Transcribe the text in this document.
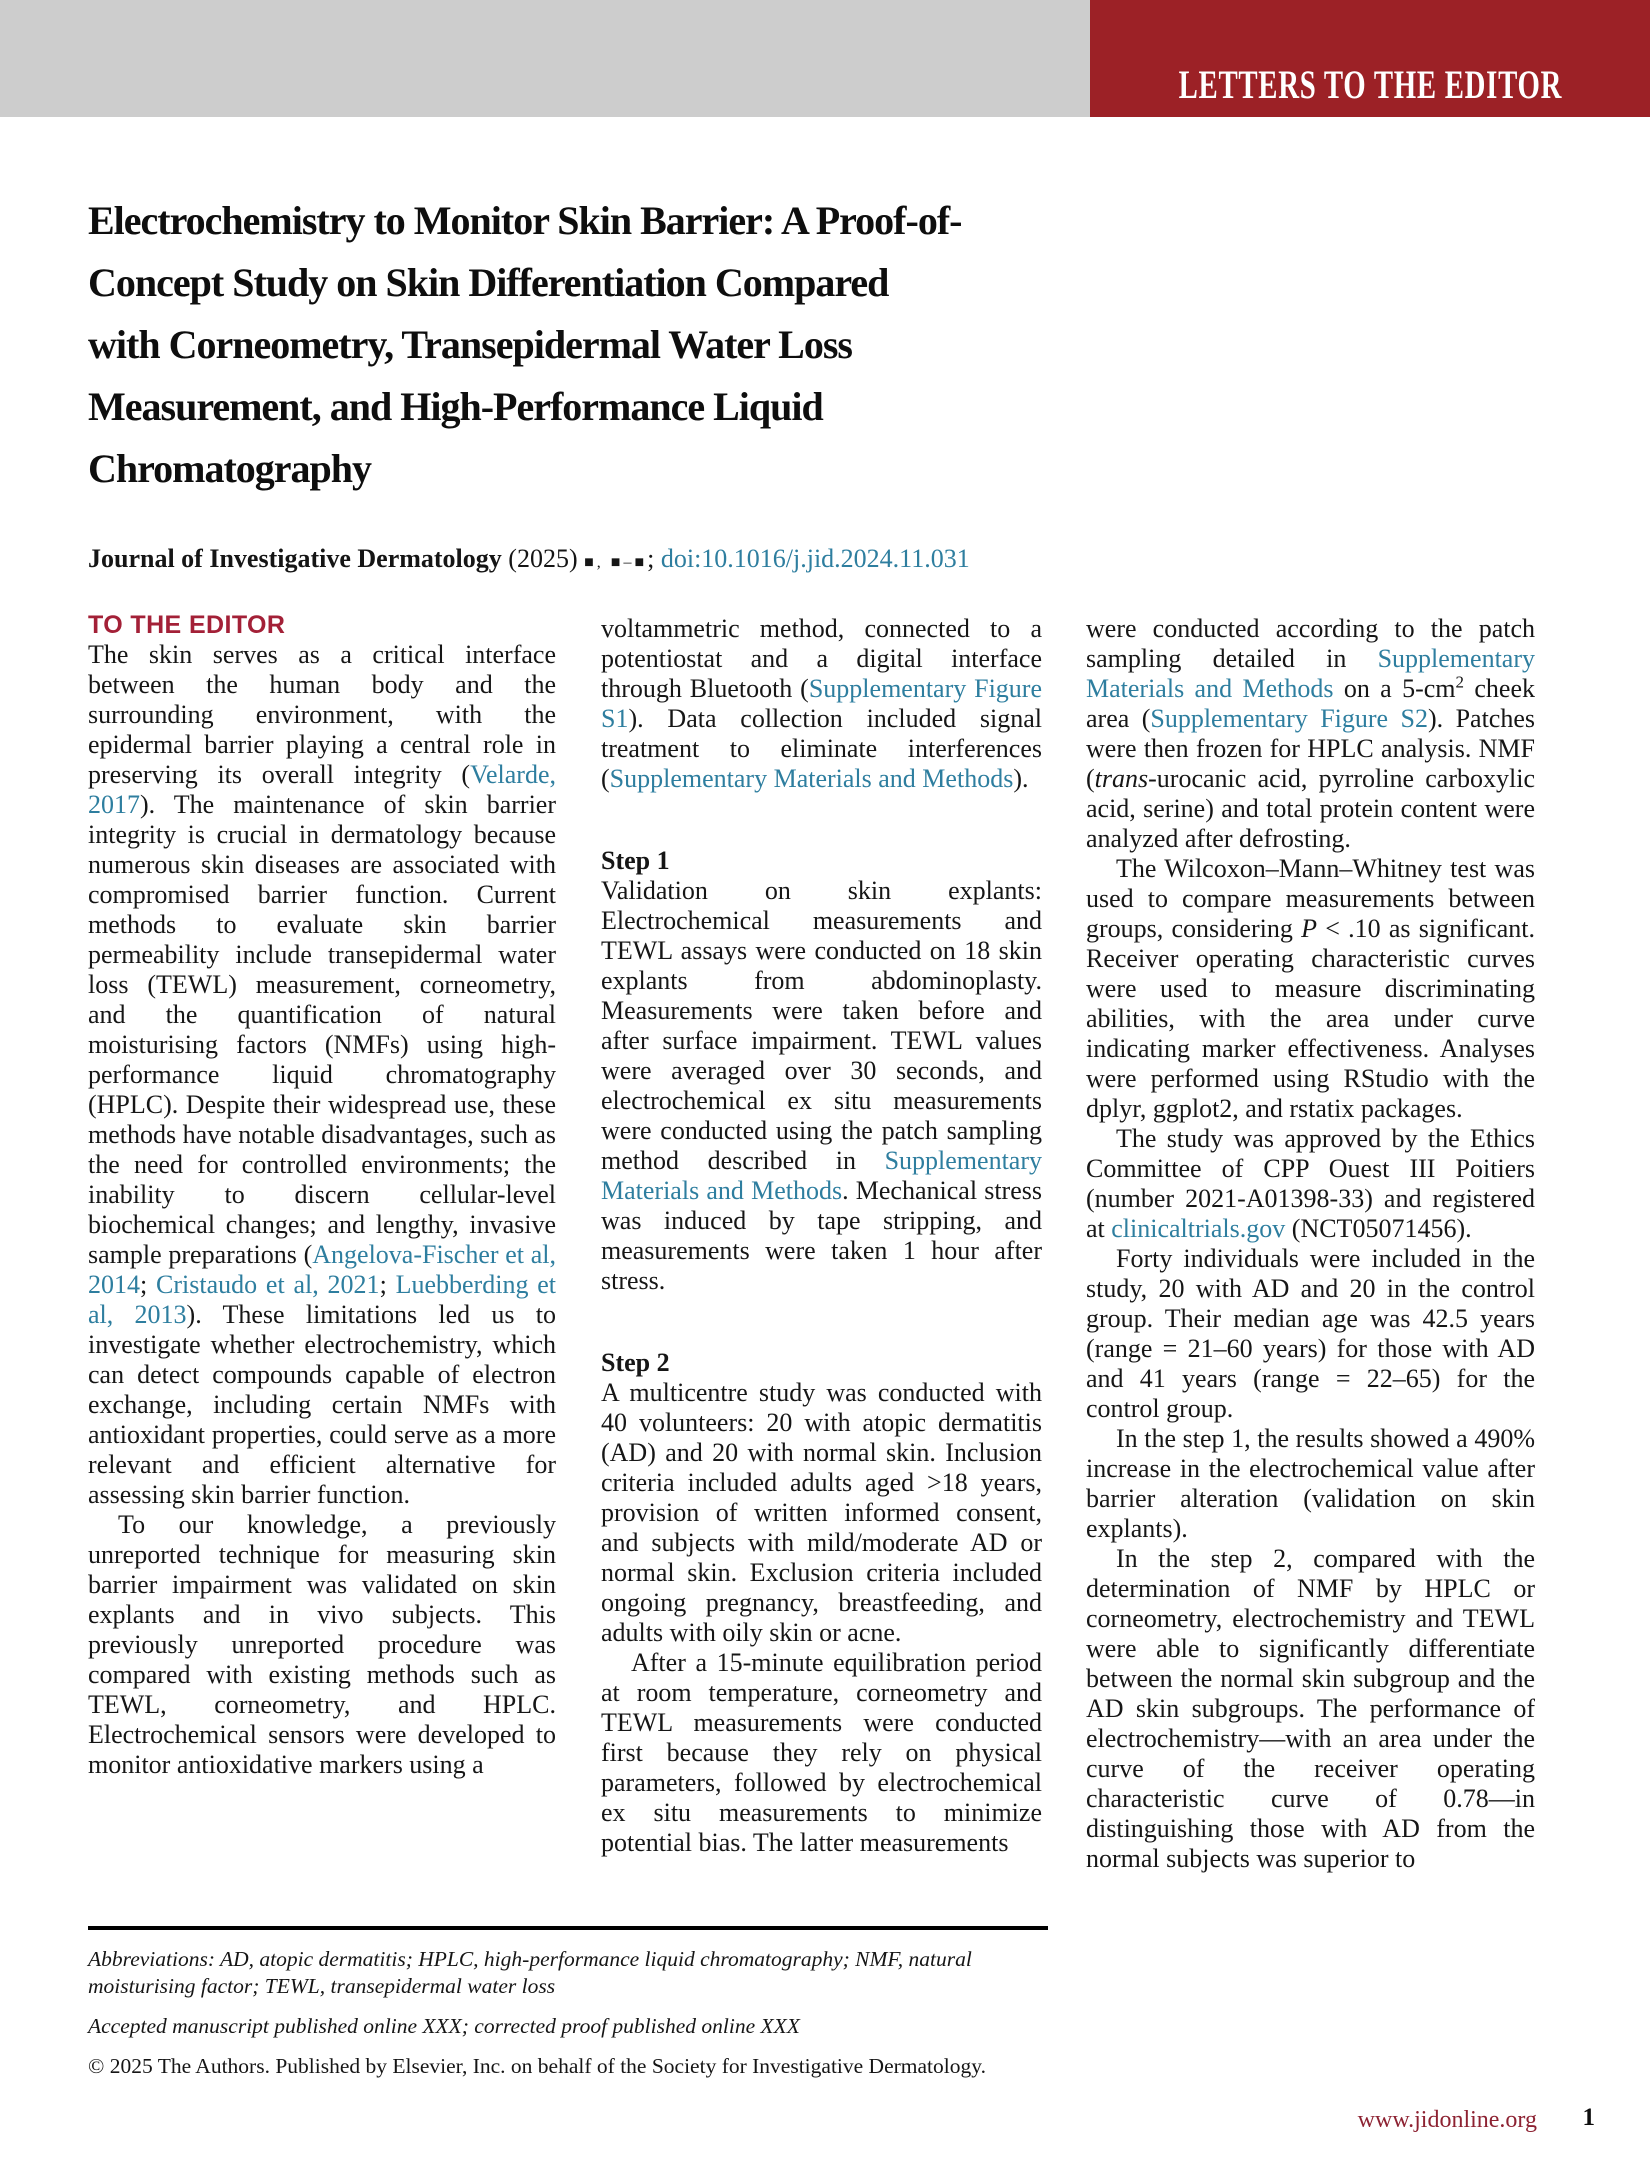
LETTERS TO THE EDITOR
Electrochemistry to Monitor Skin Barrier: A Proof-of-
Concept Study on Skin Differentiation Compared
with Corneometry, Transepidermal Water Loss
Measurement, and High-Performance Liquid
Chromatography
Journal of Investigative Dermatology (2025) ■, ■–■; doi:10.1016/j.jid.2024.11.031
TO THE EDITOR

The skin serves as a critical interface between the human body and the surrounding environment, with the epidermal barrier playing a central role in preserving its overall integrity (Velarde, 2017). The maintenance of skin barrier integrity is crucial in dermatology because numerous skin diseases are associated with compromised barrier function. Current methods to evaluate skin barrier permeability include transepidermal water loss (TEWL) measurement, corneometry, and the quantification of natural moisturising factors (NMFs) using high-performance liquid chromatography (HPLC). Despite their widespread use, these methods have notable disadvantages, such as the need for controlled environments; the inability to discern cellular-level biochemical changes; and lengthy, invasive sample preparations (Angelova-Fischer et al, 2014; Cristaudo et al, 2021; Luebberding et al, 2013). These limitations led us to investigate whether electrochemistry, which can detect compounds capable of electron exchange, including certain NMFs with antioxidant properties, could serve as a more relevant and efficient alternative for assessing skin barrier function.

To our knowledge, a previously unreported technique for measuring skin barrier impairment was validated on skin explants and in vivo subjects. This previously unreported procedure was compared with existing methods such as TEWL, corneometry, and HPLC. Electrochemical sensors were developed to monitor antioxidative markers using a

voltammetric method, connected to a potentiostat and a digital interface through Bluetooth (Supplementary Figure S1). Data collection included signal treatment to eliminate interferences (Supplementary Materials and Methods).

Step 1

Validation on skin explants: Electrochemical measurements and TEWL assays were conducted on 18 skin explants from abdominoplasty. Measurements were taken before and after surface impairment. TEWL values were averaged over 30 seconds, and electrochemical ex situ measurements were conducted using the patch sampling method described in Supplementary Materials and Methods. Mechanical stress was induced by tape stripping, and measurements were taken 1 hour after stress.

Step 2

A multicentre study was conducted with 40 volunteers: 20 with atopic dermatitis (AD) and 20 with normal skin. Inclusion criteria included adults aged >18 years, provision of written informed consent, and subjects with mild/moderate AD or normal skin. Exclusion criteria included ongoing pregnancy, breastfeeding, and adults with oily skin or acne.

After a 15-minute equilibration period at room temperature, corneometry and TEWL measurements were conducted first because they rely on physical parameters, followed by electrochemical ex situ measurements to minimize potential bias. The latter measurements

were conducted according to the patch sampling detailed in Supplementary Materials and Methods on a $5-cm^2$ cheek area (Supplementary Figure S2). Patches were then frozen for HPLC analysis. NMF (trans-urocanic acid, pyrroline carboxylic acid, serine) and total protein content were analyzed after defrosting.

The Wilcoxon–Mann–Whitney test was used to compare measurements between groups, considering P < .10 as significant. Receiver operating characteristic curves were used to measure discriminating abilities, with the area under curve indicating marker effectiveness. Analyses were performed using RStudio with the dplyr, ggplot2, and rstatix packages.

The study was approved by the Ethics Committee of CPP Ouest III Poitiers (number 2021-A01398-33) and registered at clinicaltrials.gov (NCT050​71456).

Forty individuals were included in the study, 20 with AD and 20 in the control group. Their median age was 42.5 years (range = 21–60 years) for those with AD and 41 years (range = 22–65) for the control group.

In the step 1, the results showed a 490% increase in the electrochemical value after barrier alteration (validation on skin explants).

In the step 2, compared with the determination of NMF by HPLC or corneometry, electrochemistry and TEWL were able to significantly differentiate between the normal skin subgroup and the AD skin subgroups. The performance of electrochemistry—with an area under the curve of the receiver operating characteristic curve of 0.78—in distinguishing those with AD from the normal subjects was superior to

Abbreviations: AD, atopic dermatitis; HPLC, high-performance liquid chromatography; NMF, natural moisturising factor; TEWL, transepidermal water loss

Accepted manuscript published online XXX; corrected proof published online XXX

© 2025 The Authors. Published by Elsevier, Inc. on behalf of the Society for Investigative Dermatology.

www.jidonline.org 1
